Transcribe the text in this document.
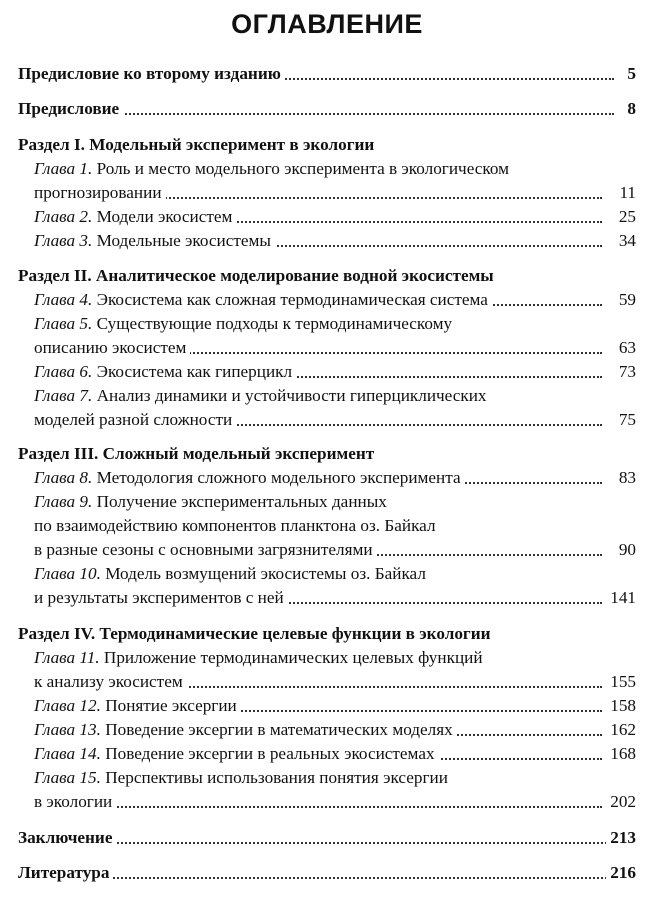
ОГЛАВЛЕНИЕ
Предисловие ко второму изданию	5
Предисловие	8
Раздел I. Модельный эксперимент в экологии
Глава 1. Роль и место модельного эксперимента в экологическом
прогнозировании	11
Глава 2. Модели экосистем	25
Глава 3. Модельные экосистемы	34
Раздел II. Аналитическое моделирование водной экосистемы
Глава 4. Экосистема как сложная термодинамическая система	59
Глава 5. Существующие подходы к термодинамическому
описанию экосистем	63
Глава 6. Экосистема как гиперцикл	73
Глава 7. Анализ динамики и устойчивости гиперциклических
моделей разной сложности	75
Раздел III. Сложный модельный эксперимент
Глава 8. Методология сложного модельного эксперимента	83
Глава 9. Получение экспериментальных данных
по взаимодействию компонентов планктона оз. Байкал
в разные сезоны с основными загрязнителями	90
Глава 10. Модель возмущений экосистемы оз. Байкал
и результаты экспериментов с ней	141
Раздел IV. Термодинамические целевые функции в экологии
Глава 11. Приложение термодинамических целевых функций
к анализу экосистем	155
Глава 12. Понятие эксергии	158
Глава 13. Поведение эксергии в математических моделях	162
Глава 14. Поведение эксергии в реальных экосистемах	168
Глава 15. Перспективы использования понятия эксергии
в экологии	202
Заключение	213
Литература	216
